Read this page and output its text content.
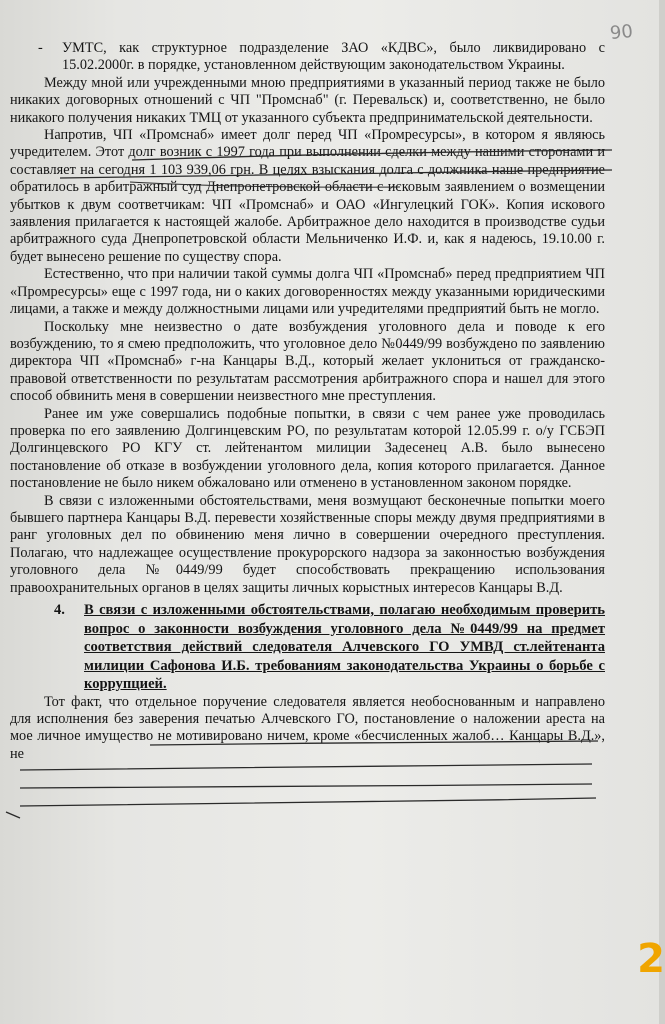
90

- УМТС, как структурное подразделение ЗАО «КДВС», было ликвидировано с 15.02.2000г. в порядке, установленном действующим законодательством Украины.

Между мной или учрежденными мною предприятиями в указанный период также не было никаких договорных отношений с ЧП "Промснаб" (г. Перевальск) и, соответственно, не было никакого получения никаких ТМЦ от указанного субъекта предпринимательской деятельности.

Напротив, ЧП «Промснаб» имеет долг перед ЧП «Промресурсы», в котором я являюсь учредителем. Этот долг возник с 1997 года при выполнении сделки между нашими сторонами и составляет на сегодня 1 103 939,06 грн. В целях взыскания долга с должника наше предприятие обратилось в арбитражный суд Днепропетровской области с исковым заявлением о возмещении убытков к двум соответчикам: ЧП «Промснаб» и ОАО «Ингулецкий ГОК». Копия искового заявления прилагается к настоящей жалобе. Арбитражное дело находится в производстве судьи арбитражного суда Днепропетровской области Мельниченко И.Ф. и, как я надеюсь, 19.10.00 г. будет вынесено решение по существу спора.

Естественно, что при наличии такой суммы долга ЧП «Промснаб» перед предприятием ЧП «Промресурсы» еще с 1997 года, ни о каких договоренностях между указанными юридическими лицами, а также и между должностными лицами или учредителями предприятий быть не могло.

Поскольку мне неизвестно о дате возбуждения уголовного дела и поводе к его возбуждению, то я смею предположить, что уголовное дело №0449/99 возбуждено по заявлению директора ЧП «Промснаб» г-на Канцары В.Д., который желает уклониться от гражданско-правовой ответственности по результатам рассмотрения арбитражного спора и нашел для этого способ обвинить меня в совершении неизвестного мне преступления.

Ранее им уже совершались подобные попытки, в связи с чем ранее уже проводилась проверка по его заявлению Долгинцевским РО, по результатам которой 12.05.99 г. о/у ГСБЭП Долгинцевского РО КГУ ст. лейтенантом милиции Задесенец А.В. было вынесено постановление об отказе в возбуждении уголовного дела, копия которого прилагается. Данное постановление не было никем обжаловано или отменено в установленном законом порядке.

В связи с изложенными обстоятельствами, меня возмущают бесконечные попытки моего бывшего партнера Канцары В.Д. перевести хозяйственные споры между двумя предприятиями в ранг уголовных дел по обвинению меня лично в совершении очередного преступления. Полагаю, что надлежащее осуществление прокурорского надзора за законностью возбуждения уголовного дела №0449/99 будет способствовать прекращению использования правоохранительных органов в целях защиты личных корыстных интересов Канцары В.Д.

4.	В связи с изложенными обстоятельствами, полагаю необходимым проверить вопрос о законности возбуждения уголовного дела №0449/99 на предмет соответствия действий следователя Алчевского ГО УМВД ст.лейтенанта милиции Сафонова И.Б. требованиям законодательства Украины о борьбе с коррупцией.

Тот факт, что отдельное поручение следователя является необоснованным и направлено для исполнения без заверения печатью Алчевского ГО, постановление о наложении ареста на мое личное имущество не мотивировано ничем, кроме «бесчисленных жалоб… Канцары В.Д.», не

2
